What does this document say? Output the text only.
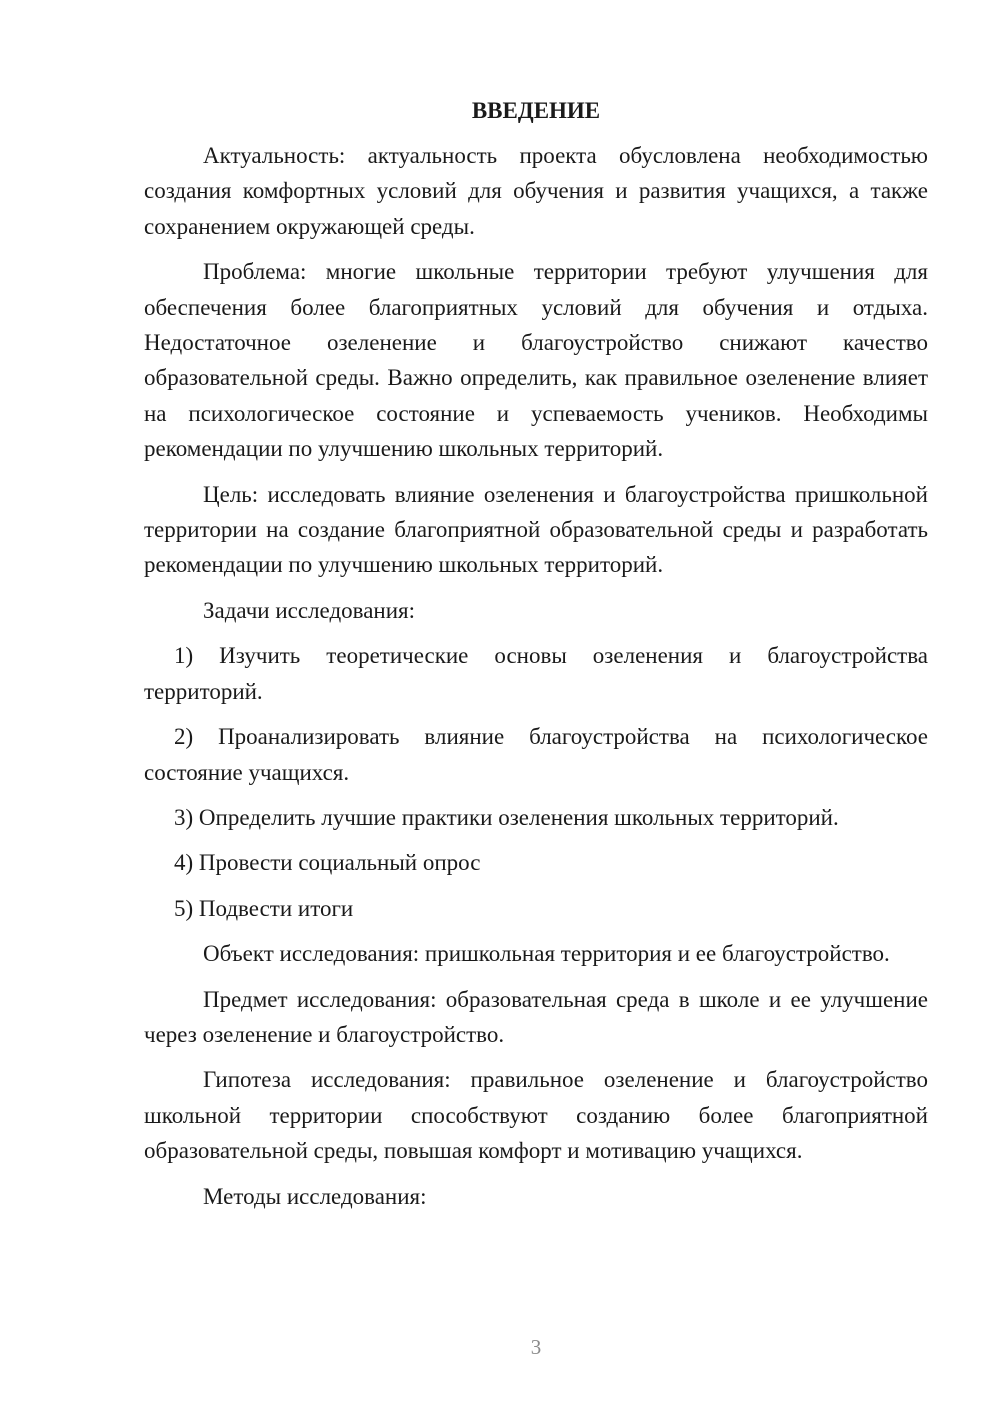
ВВЕДЕНИЕ

Актуальность: актуальность проекта обусловлена необходимостью создания комфортных условий для обучения и развития учащихся, а также сохранением окружающей среды.

Проблема: многие школьные территории требуют улучшения для обеспечения более благоприятных условий для обучения и отдыха. Недостаточное озеленение и благоустройство снижают качество образовательной среды. Важно определить, как правильное озеленение влияет на психологическое состояние и успеваемость учеников. Необходимы рекомендации по улучшению школьных территорий.

Цель: исследовать влияние озеленения и благоустройства пришкольной территории на создание благоприятной образовательной среды и разработать рекомендации по улучшению школьных территорий.

Задачи исследования:

1) Изучить теоретические основы озеленения и благоустройства территорий.

2) Проанализировать влияние благоустройства на психологическое состояние учащихся.

3) Определить лучшие практики озеленения школьных территорий.

4) Провести социальный опрос

5) Подвести итоги

Объект исследования: пришкольная территория и ее благоустройство.

Предмет исследования: образовательная среда в школе и ее улучшение через озеленение и благоустройство.

Гипотеза исследования: правильное озеленение и благоустройство школьной территории способствуют созданию более благоприятной образовательной среды, повышая комфорт и мотивацию учащихся.

Методы исследования:

3
